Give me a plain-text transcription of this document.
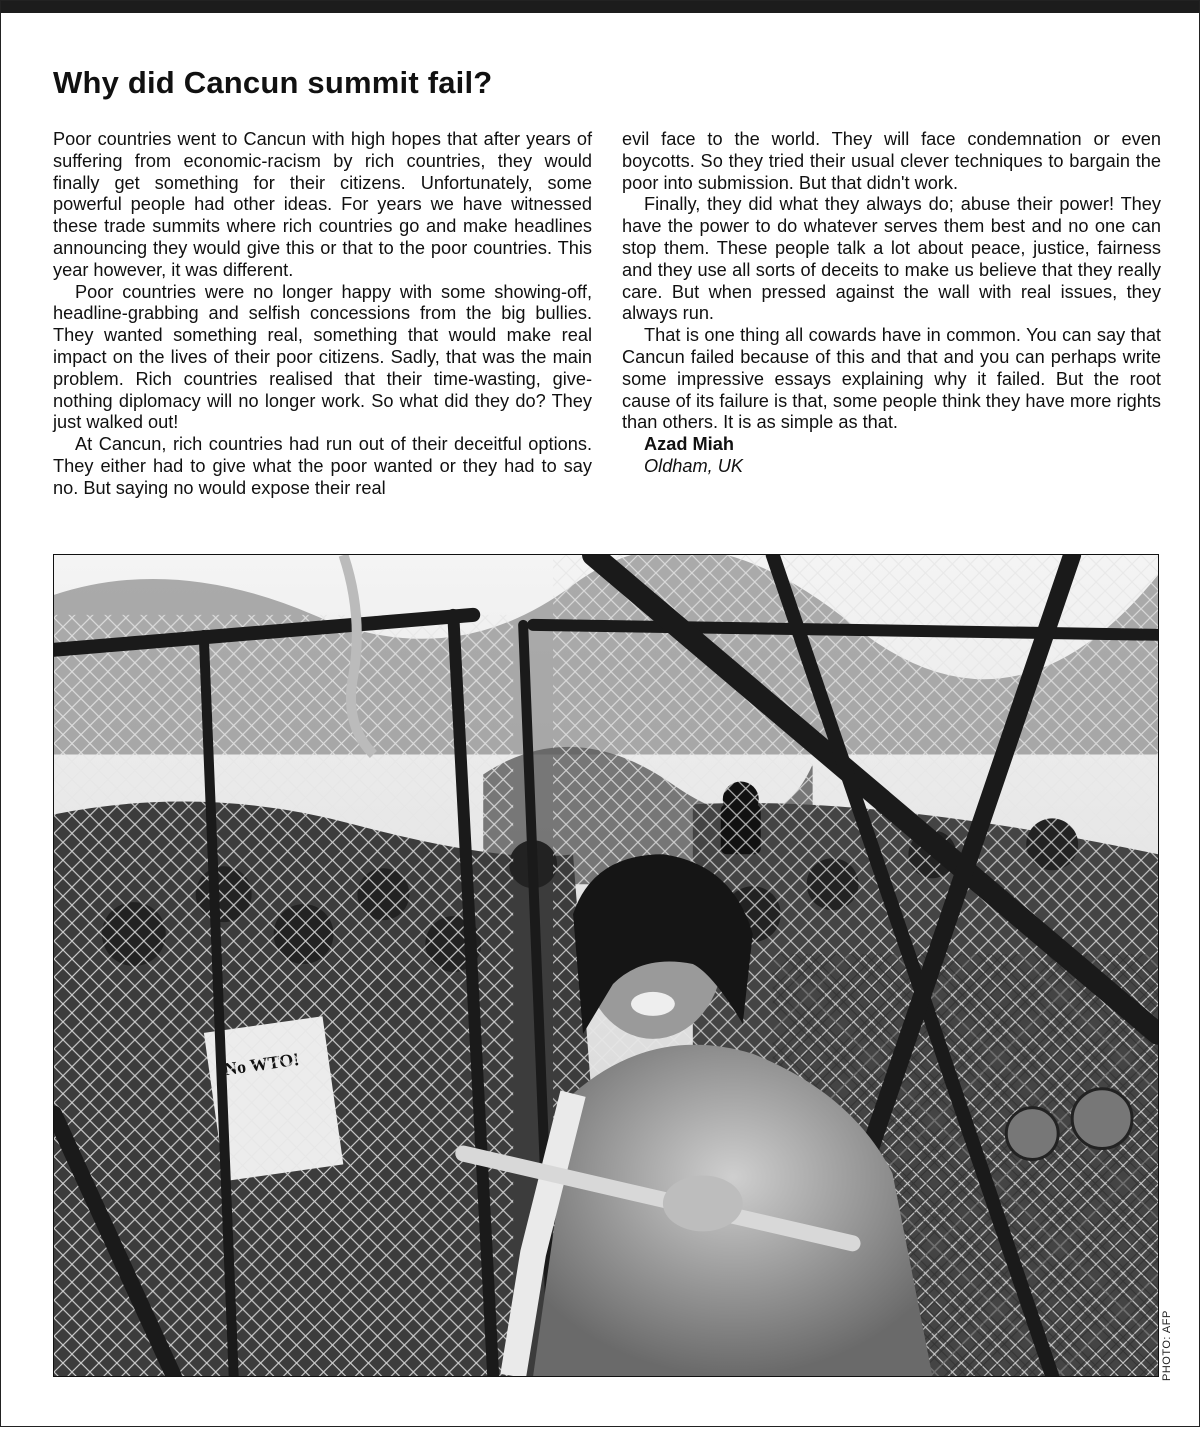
Why did Cancun summit fail?

Poor countries went to Cancun with high hopes that after years of suffering from economic-racism by rich countries, they would finally get something for their citizens. Unfortunately, some powerful people had other ideas. For years we have witnessed these trade summits where rich countries go and make headlines announcing they would give this or that to the poor countries. This year however, it was different.

Poor countries were no longer happy with some showing-off, headline-grabbing and selfish concessions from the big bullies. They wanted something real, something that would make real impact on the lives of their poor citizens. Sadly, that was the main problem. Rich countries realised that their time-wasting, give-nothing diplomacy will no longer work. So what did they do? They just walked out!

At Cancun, rich countries had run out of their deceitful options. They either had to give what the poor wanted or they had to say no. But saying no would expose their real

evil face to the world. They will face condemnation or even boycotts. So they tried their usual clever techniques to bargain the poor into submission. But that didn't work.

Finally, they did what they always do; abuse their power! They have the power to do whatever serves them best and no one can stop them. These people talk a lot about peace, justice, fairness and they use all sorts of deceits to make us believe that they really care. But when pressed against the wall with real issues, they always run.

That is one thing all cowards have in common. You can say that Cancun failed because of this and that and you can perhaps write some impressive essays explaining why it failed. But the root cause of its failure is that, some people think they have more rights than others. It is as simple as that.

Azad Miah

Oldham, UK

PHOTO: AFP
